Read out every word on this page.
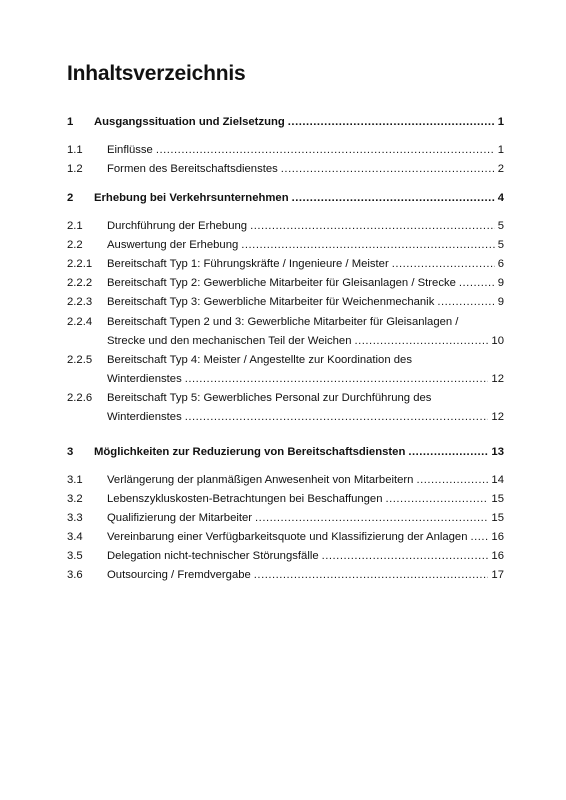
Inhaltsverzeichnis
1 Ausgangssituation und Zielsetzung .....	1
1.1 Einflüsse .....	1
1.2 Formen des Bereitschaftsdienstes .....	2
2 Erhebung bei Verkehrsunternehmen .....	4
2.1 Durchführung der Erhebung .....	5
2.2 Auswertung der Erhebung .....	5
2.2.1 Bereitschaft Typ 1: Führungskräfte / Ingenieure / Meister .....	6
2.2.2 Bereitschaft Typ 2: Gewerbliche Mitarbeiter für Gleisanlagen / Strecke .....	9
2.2.3 Bereitschaft Typ 3: Gewerbliche Mitarbeiter für Weichenmechanik .....	9
2.2.4 Bereitschaft Typen 2 und 3: Gewerbliche Mitarbeiter für Gleisanlagen /
Strecke und den mechanischen Teil der Weichen .....	10
2.2.5 Bereitschaft Typ 4: Meister / Angestellte zur Koordination des
Winterdienstes .....	12
2.2.6 Bereitschaft Typ 5: Gewerbliches Personal zur Durchführung des
Winterdienstes .....	12
3 Möglichkeiten zur Reduzierung von Bereitschaftsdiensten .....	13
3.1 Verlängerung der planmäßigen Anwesenheit von Mitarbeitern .....	14
3.2 Lebenszykluskosten-Betrachtungen bei Beschaffungen .....	15
3.3 Qualifizierung der Mitarbeiter .....	15
3.4 Vereinbarung einer Verfügbarkeitsquote und Klassifizierung der Anlagen ..... 16
3.5 Delegation nicht-technischer Störungsfälle .....	16
3.6 Outsourcing / Fremdvergabe .....	17
